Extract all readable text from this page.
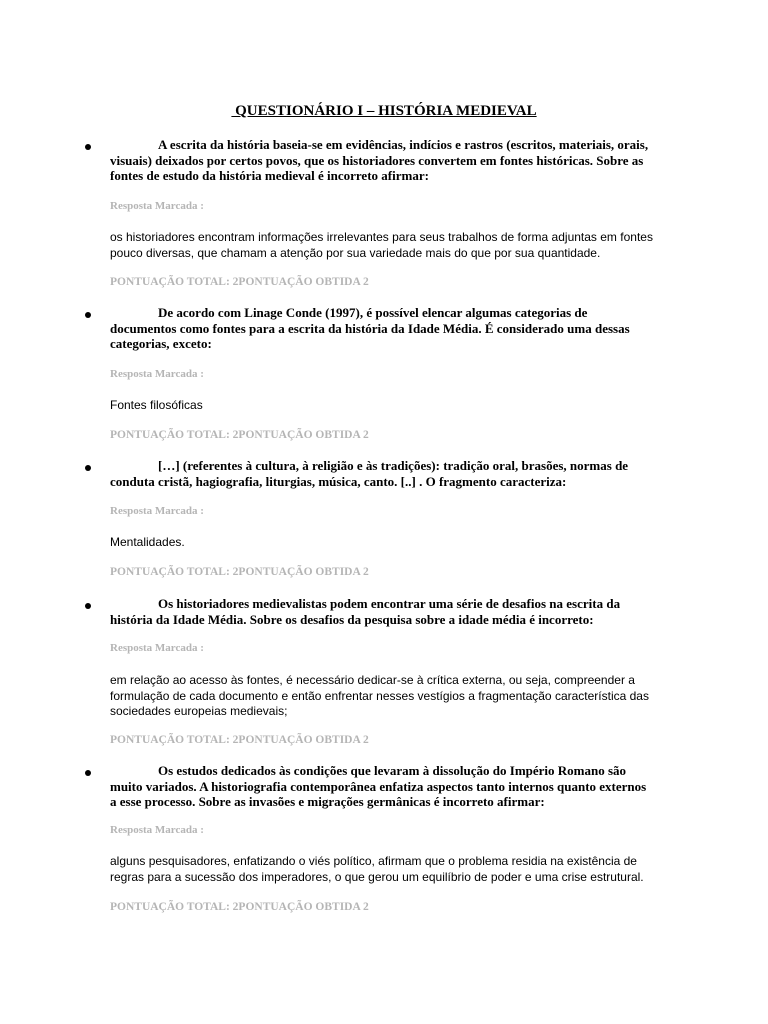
QUESTIONÁRIO I – HISTÓRIA MEDIEVAL
A escrita da história baseia-se em evidências, indícios e rastros (escritos, materiais, orais, visuais) deixados por certos povos, que os historiadores convertem em fontes históricas. Sobre as fontes de estudo da história medieval é incorreto afirmar:
Resposta Marcada :
os historiadores encontram informações irrelevantes para seus trabalhos de forma adjuntas em fontes pouco diversas, que chamam a atenção por sua variedade mais do que por sua quantidade.
PONTUAÇÃO TOTAL: 2PONTUAÇÃO OBTIDA 2
De acordo com Linage Conde (1997), é possível elencar algumas categorias de documentos como fontes para a escrita da história da Idade Média. É considerado uma dessas categorias, exceto:
Resposta Marcada :
Fontes filosóficas
PONTUAÇÃO TOTAL: 2PONTUAÇÃO OBTIDA 2
[…] (referentes à cultura, à religião e às tradições): tradição oral, brasões, normas de conduta cristã, hagiografia, liturgias, música, canto. [..] . O fragmento caracteriza:
Resposta Marcada :
Mentalidades.
PONTUAÇÃO TOTAL: 2PONTUAÇÃO OBTIDA 2
Os historiadores medievalistas podem encontrar uma série de desafios na escrita da história da Idade Média. Sobre os desafios da pesquisa sobre a idade média é incorreto:
Resposta Marcada :
em relação ao acesso às fontes, é necessário dedicar-se à crítica externa, ou seja, compreender a formulação de cada documento e então enfrentar nesses vestígios a fragmentação característica das sociedades europeias medievais;
PONTUAÇÃO TOTAL: 2PONTUAÇÃO OBTIDA 2
Os estudos dedicados às condições que levaram à dissolução do Império Romano são muito variados. A historiografia contemporânea enfatiza aspectos tanto internos quanto externos a esse processo. Sobre as invasões e migrações germânicas é incorreto afirmar:
Resposta Marcada :
alguns pesquisadores, enfatizando o viés político, afirmam que o problema residia na existência de regras para a sucessão dos imperadores, o que gerou um equilíbrio de poder e uma crise estrutural.
PONTUAÇÃO TOTAL: 2PONTUAÇÃO OBTIDA 2
